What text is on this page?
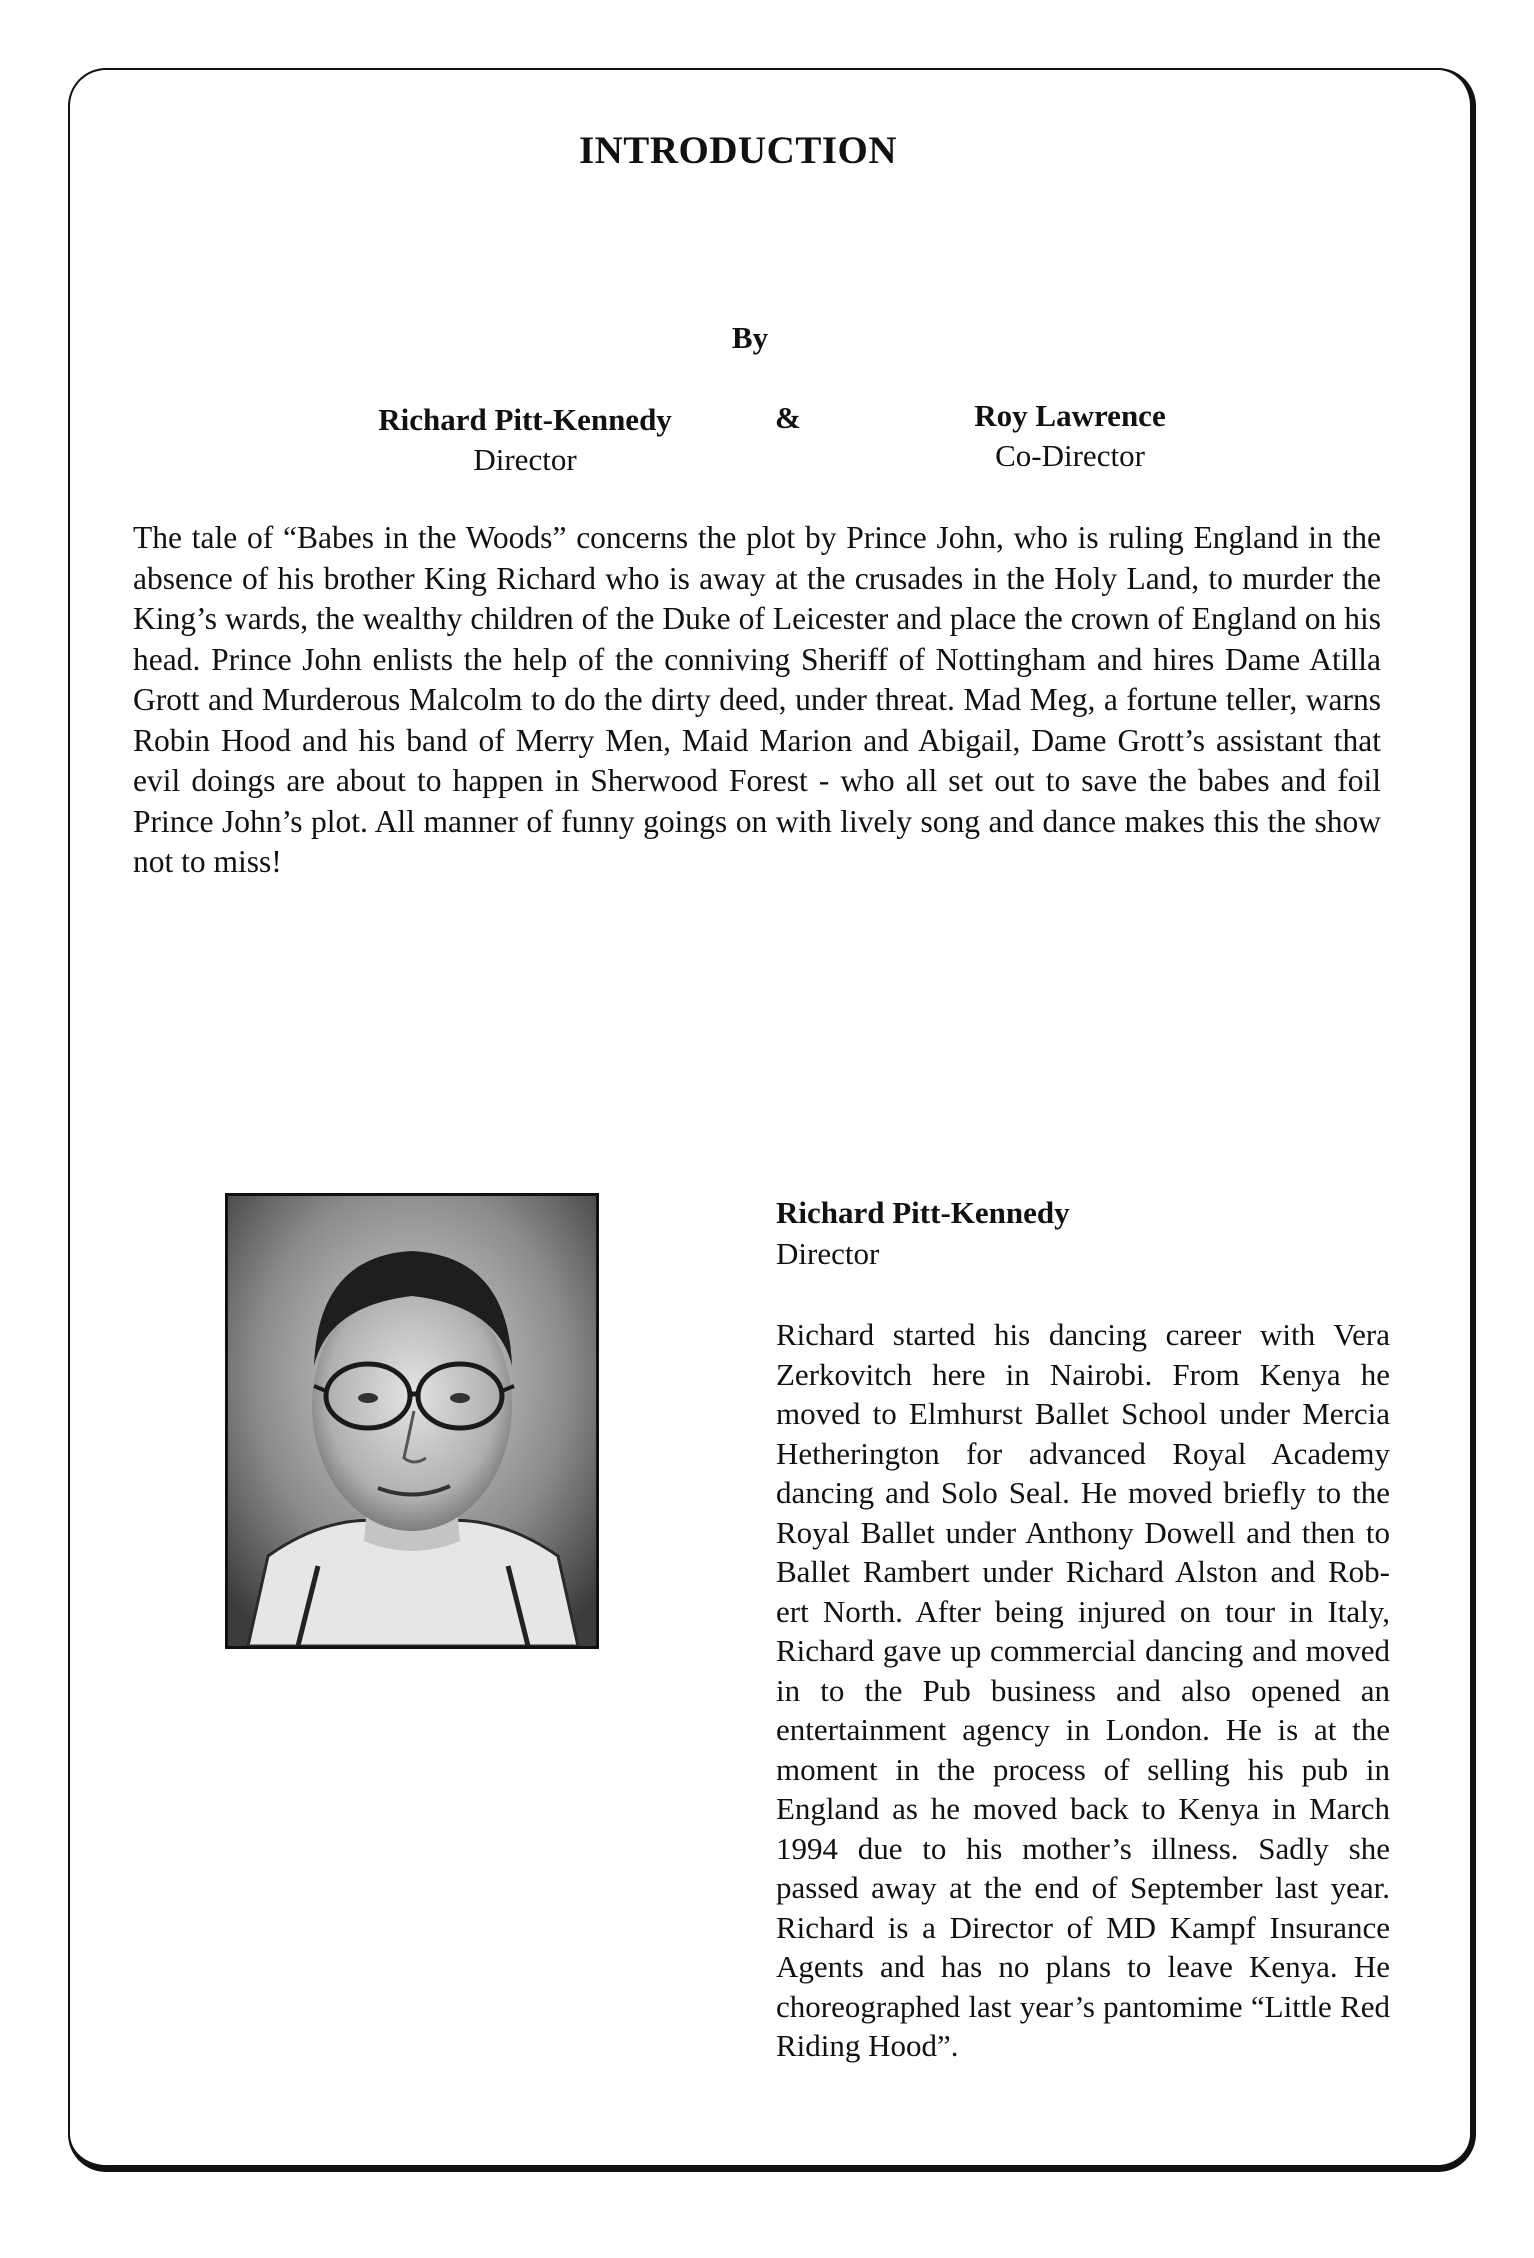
INTRODUCTION
By
Richard Pitt-Kennedy
Director
&	Roy Lawrence
Co-Director

The tale of “Babes in the Woods” concerns the plot by Prince John, who is ruling England in the absence of his brother King Richard who is away at the crusades in the Holy Land, to murder the King’s wards, the wealthy children of the Duke of Leicester and place the crown of England on his head. Prince John enlists the help of the conniving Sheriff of Nottingham and hires Dame Atilla Grott and Murderous Malcolm to do the dirty deed, under threat. Mad Meg, a fortune teller, warns Robin Hood and his band of Merry Men, Maid Marion and Abigail, Dame Grott’s assistant that evil doings are about to happen in Sherwood Forest - who all set out to save the babes and foil Prince John’s plot. All manner of funny goings on with lively song and dance makes this the show not to miss!

Richard Pitt-Kennedy
Director

Richard started his dancing career with Vera Zerkovitch here in Nairobi. From Kenya he moved to Elmhurst Ballet School under Mercia Hetherington for advanced Royal Academy dancing and Solo Seal. He moved briefly to the Royal Ballet under Anthony Dowell and then to Ballet Rambert under Richard Alston and Rob-ert North. After being injured on tour in Italy, Richard gave up commercial dancing and moved in to the Pub business and also opened an entertainment agency in London. He is at the moment in the process of selling his pub in England as he moved back to Kenya in March 1994 due to his mother’s illness. Sadly she passed away at the end of September last year. Richard is a Director of MD Kampf Insurance Agents and has no plans to leave Kenya. He choreographed last year’s pantomime “Little Red Riding Hood”.
